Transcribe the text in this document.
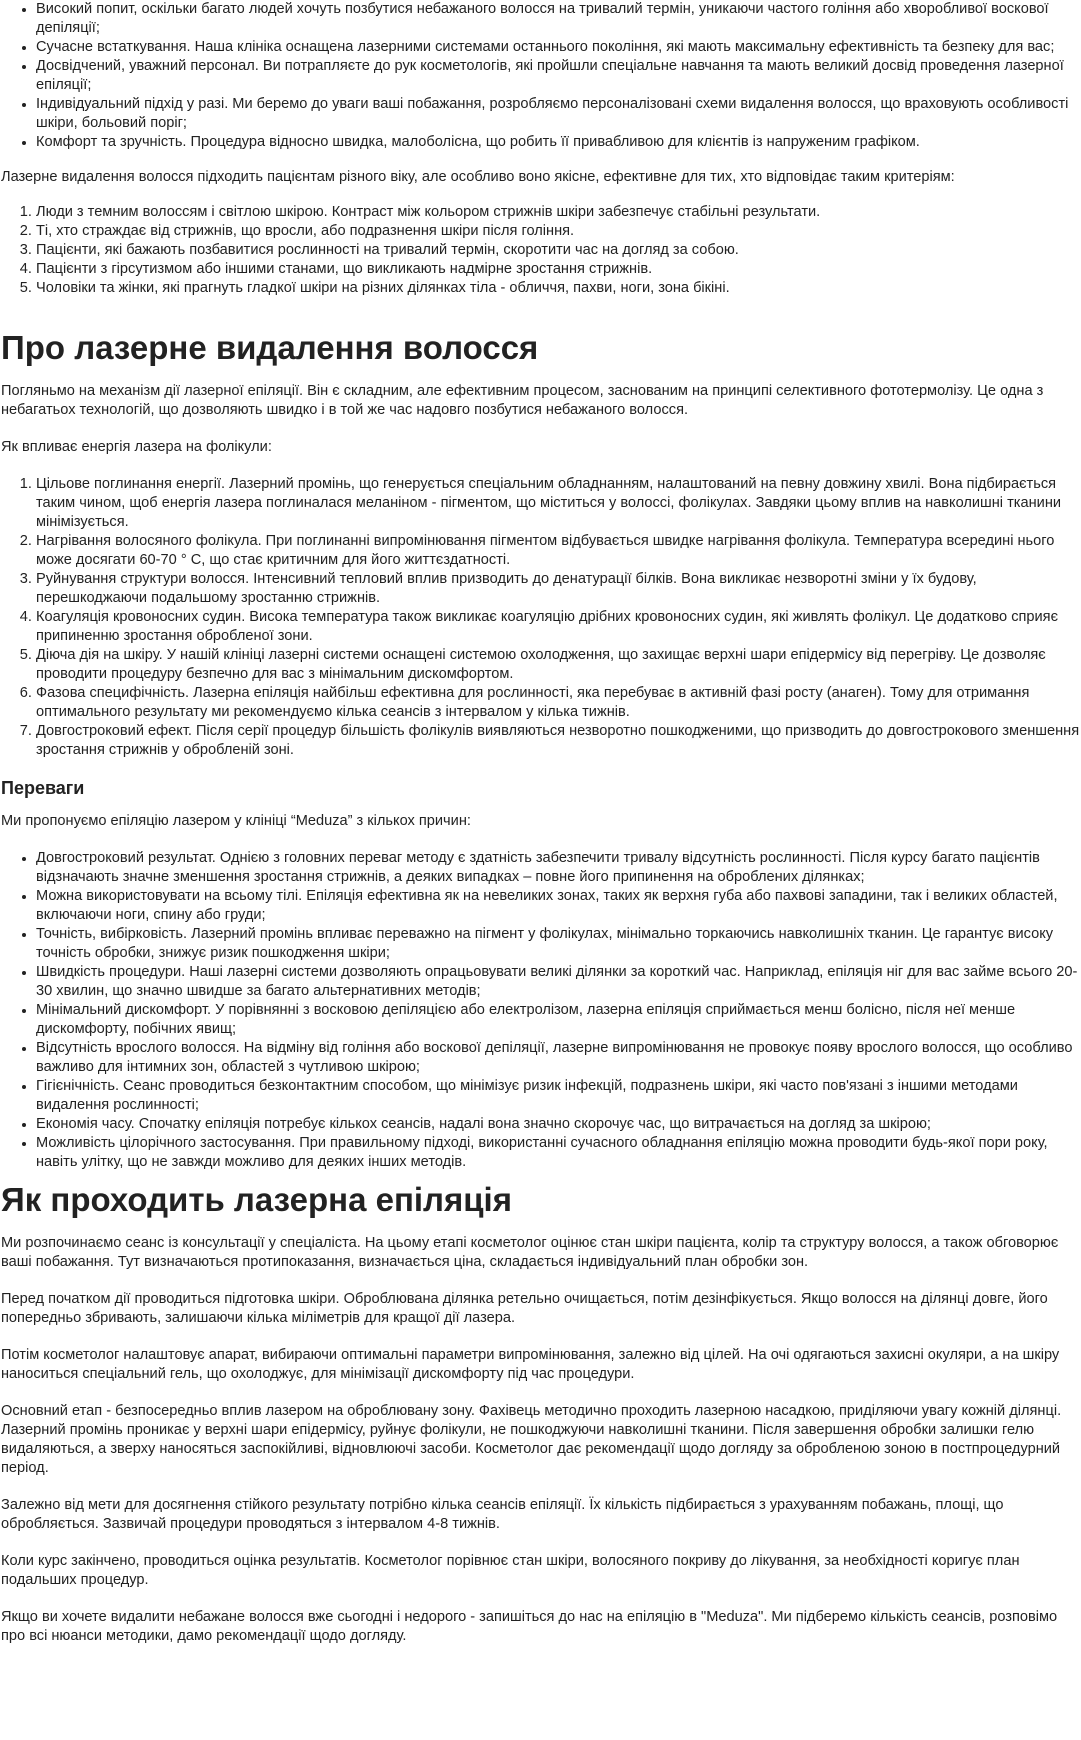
• Високий попит, оскільки багато людей хочуть позбутися небажаного волосся на тривалий термін, уникаючи частого гоління або хворобливої воскової депіляції;
• Сучасне встаткування. Наша клініка оснащена лазерними системами останнього покоління, які мають максимальну ефективність та безпеку для вас;
• Досвідчений, уважний персонал. Ви потрапляєте до рук косметологів, які пройшли спеціальне навчання та мають великий досвід проведення лазерної епіляції;
• Індивідуальний підхід у разі. Ми беремо до уваги ваші побажання, розробляємо персоналізовані схеми видалення волосся, що враховують особливості шкіри, больовий поріг;
• Комфорт та зручність. Процедура відносно швидка, малоболісна, що робить її привабливою для клієнтів із напруженим графіком.

Лазерне видалення волосся підходить пацієнтам різного віку, але особливо воно якісне, ефективне для тих, хто відповідає таким критеріям:

1. Люди з темним волоссям і світлою шкірою. Контраст між кольором стрижнів шкіри забезпечує стабільні результати.
2. Ті, хто страждає від стрижнів, що вросли, або подразнення шкіри після гоління.
3. Пацієнти, які бажають позбавитися рослинності на тривалий термін, скоротити час на догляд за собою.
4. Пацієнти з гірсутизмом або іншими станами, що викликають надмірне зростання стрижнів.
5. Чоловіки та жінки, які прагнуть гладкої шкіри на різних ділянках тіла - обличчя, пахви, ноги, зона бікіні.
Про лазерне видалення волосся

Погляньмо на механізм дії лазерної епіляції. Він є складним, але ефективним процесом, заснованим на принципі селективного фототермолізу. Це одна з небагатьох технологій, що дозволяють швидко і в той же час надовго позбутися небажаного волосся.

Як впливає енергія лазера на фолікули:

1. Цільове поглинання енергії. Лазерний промінь, що генерується спеціальним обладнанням, налаштований на певну довжину хвилі. Вона підбирається таким чином, щоб енергія лазера поглиналася меланіном - пігментом, що міститься у волоссі, фолікулах. Завдяки цьому вплив на навколишні тканини мінімізується.
2. Нагрівання волосяного фолікула. При поглинанні випромінювання пігментом відбувається швидке нагрівання фолікула. Температура всередині нього може досягати 60-70 ° C, що стає критичним для його життєздатності.
3. Руйнування структури волосся. Інтенсивний тепловий вплив призводить до денатурації білків. Вона викликає незворотні зміни у їх будову, перешкоджаючи подальшому зростанню стрижнів.
4. Коагуляція кровоносних судин. Висока температура також викликає коагуляцію дрібних кровоносних судин, які живлять фолікул. Це додатково сприяє припиненню зростання обробленої зони.
5. Діюча дія на шкіру. У нашій клініці лазерні системи оснащені системою охолодження, що захищає верхні шари епідермісу від перегріву. Це дозволяє проводити процедуру безпечно для вас з мінімальним дискомфортом.
6. Фазова специфічність. Лазерна епіляція найбільш ефективна для рослинності, яка перебуває в активній фазі росту (анаген). Тому для отримання оптимального результату ми рекомендуємо кілька сеансів з інтервалом у кілька тижнів.
7. Довгостроковий ефект. Після серії процедур більшість фолікулів виявляються незворотно пошкодженими, що призводить до довгострокового зменшення зростання стрижнів у обробленій зоні.
Переваги

Ми пропонуємо епіляцію лазером у клініці “Meduza” з кількох причин:

• Довгостроковий результат. Однією з головних переваг методу є здатність забезпечити тривалу відсутність рослинності. Після курсу багато пацієнтів відзначають значне зменшення зростання стрижнів, а деяких випадках – повне його припинення на оброблених ділянках;
• Можна використовувати на всьому тілі. Епіляція ефективна як на невеликих зонах, таких як верхня губа або пахвові западини, так і великих областей, включаючи ноги, спину або груди;
• Точність, вибірковість. Лазерний промінь впливає переважно на пігмент у фолікулах, мінімально торкаючись навколишніх тканин. Це гарантує високу точність обробки, знижує ризик пошкодження шкіри;
• Швидкість процедури. Наші лазерні системи дозволяють опрацьовувати великі ділянки за короткий час. Наприклад, епіляція ніг для вас займе всього 20-30 хвилин, що значно швидше за багато альтернативних методів;
• Мінімальний дискомфорт. У порівнянні з восковою депіляцією або електролізом, лазерна епіляція сприймається менш болісно, після неї менше дискомфорту, побічних явищ;
• Відсутність врослого волосся. На відміну від гоління або воскової депіляції, лазерне випромінювання не провокує появу врослого волосся, що особливо важливо для інтимних зон, областей з чутливою шкірою;
• Гігієнічність. Сеанс проводиться безконтактним способом, що мінімізує ризик інфекцій, подразнень шкіри, які часто пов'язані з іншими методами видалення рослинності;
• Економія часу. Спочатку епіляція потребує кількох сеансів, надалі вона значно скорочує час, що витрачається на догляд за шкірою;
• Можливість цілорічного застосування. При правильному підході, використанні сучасного обладнання епіляцію можна проводити будь-якої пори року, навіть улітку, що не завжди можливо для деяких інших методів.
Як проходить лазерна епіляція

Ми розпочинаємо сеанс із консультації у спеціаліста. На цьому етапі косметолог оцінює стан шкіри пацієнта, колір та структуру волосся, а також обговорює ваші побажання. Тут визначаються протипоказання, визначається ціна, складається індивідуальний план обробки зон.

Перед початком дії проводиться підготовка шкіри. Оброблювана ділянка ретельно очищається, потім дезінфікується. Якщо волосся на ділянці довге, його попередньо збривають, залишаючи кілька міліметрів для кращої дії лазера.

Потім косметолог налаштовує апарат, вибираючи оптимальні параметри випромінювання, залежно від цілей. На очі одягаються захисні окуляри, а на шкіру наноситься спеціальний гель, що охолоджує, для мінімізації дискомфорту під час процедури.

Основний етап - безпосередньо вплив лазером на оброблювану зону. Фахівець методично проходить лазерною насадкою, приділяючи увагу кожній ділянці. Лазерний промінь проникає у верхні шари епідермісу, руйнує фолікули, не пошкоджуючи навколишні тканини. Після завершення обробки залишки гелю видаляються, а зверху наносяться заспокійливі, відновлюючі засоби. Косметолог дає рекомендації щодо догляду за обробленою зоною в постпроцедурний період.

Залежно від мети для досягнення стійкого результату потрібно кілька сеансів епіляції. Їх кількість підбирається з урахуванням побажань, площі, що обробляється. Зазвичай процедури проводяться з інтервалом 4-8 тижнів.

Коли курс закінчено, проводиться оцінка результатів. Косметолог порівнює стан шкіри, волосяного покриву до лікування, за необхідності коригує план подальших процедур.

Якщо ви хочете видалити небажане волосся вже сьогодні і недорого - запишіться до нас на епіляцію в "Meduza". Ми підберемо кількість сеансів, розповімо про всі нюанси методики, дамо рекомендації щодо догляду.
